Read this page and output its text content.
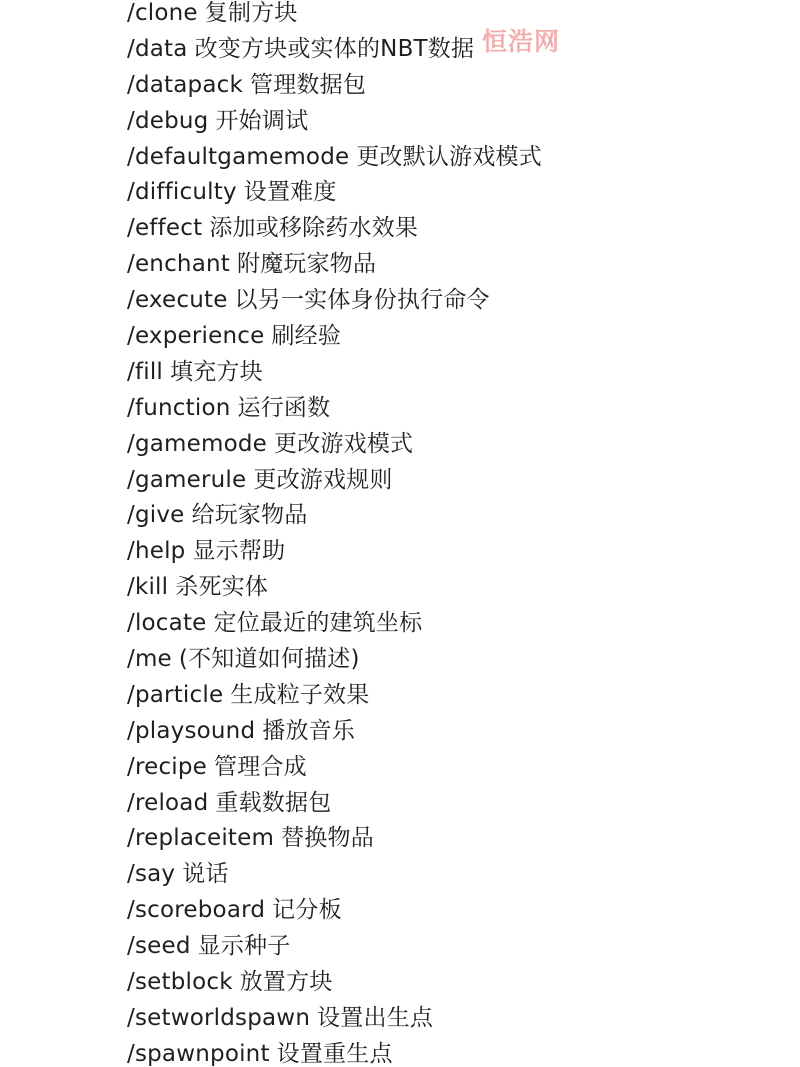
/clone 复制方块
/data 改变方块或实体的NBT数据
/datapack 管理数据包
/debug 开始调试
/defaultgamemode 更改默认游戏模式
/difficulty 设置难度
/effect 添加或移除药水效果
/enchant 附魔玩家物品
/execute 以另一实体身份执行命令
/experience 刷经验
/fill 填充方块
/function 运行函数
/gamemode 更改游戏模式
/gamerule 更改游戏规则
/give 给玩家物品
/help 显示帮助
/kill 杀死实体
/locate 定位最近的建筑坐标
/me (不知道如何描述)
/particle 生成粒子效果
/playsound 播放音乐
/recipe 管理合成
/reload 重载数据包
/replaceitem 替换物品
/say 说话
/scoreboard 记分板
/seed 显示种子
/setblock 放置方块
/setworldspawn 设置出生点
/spawnpoint 设置重生点
恒浩网
